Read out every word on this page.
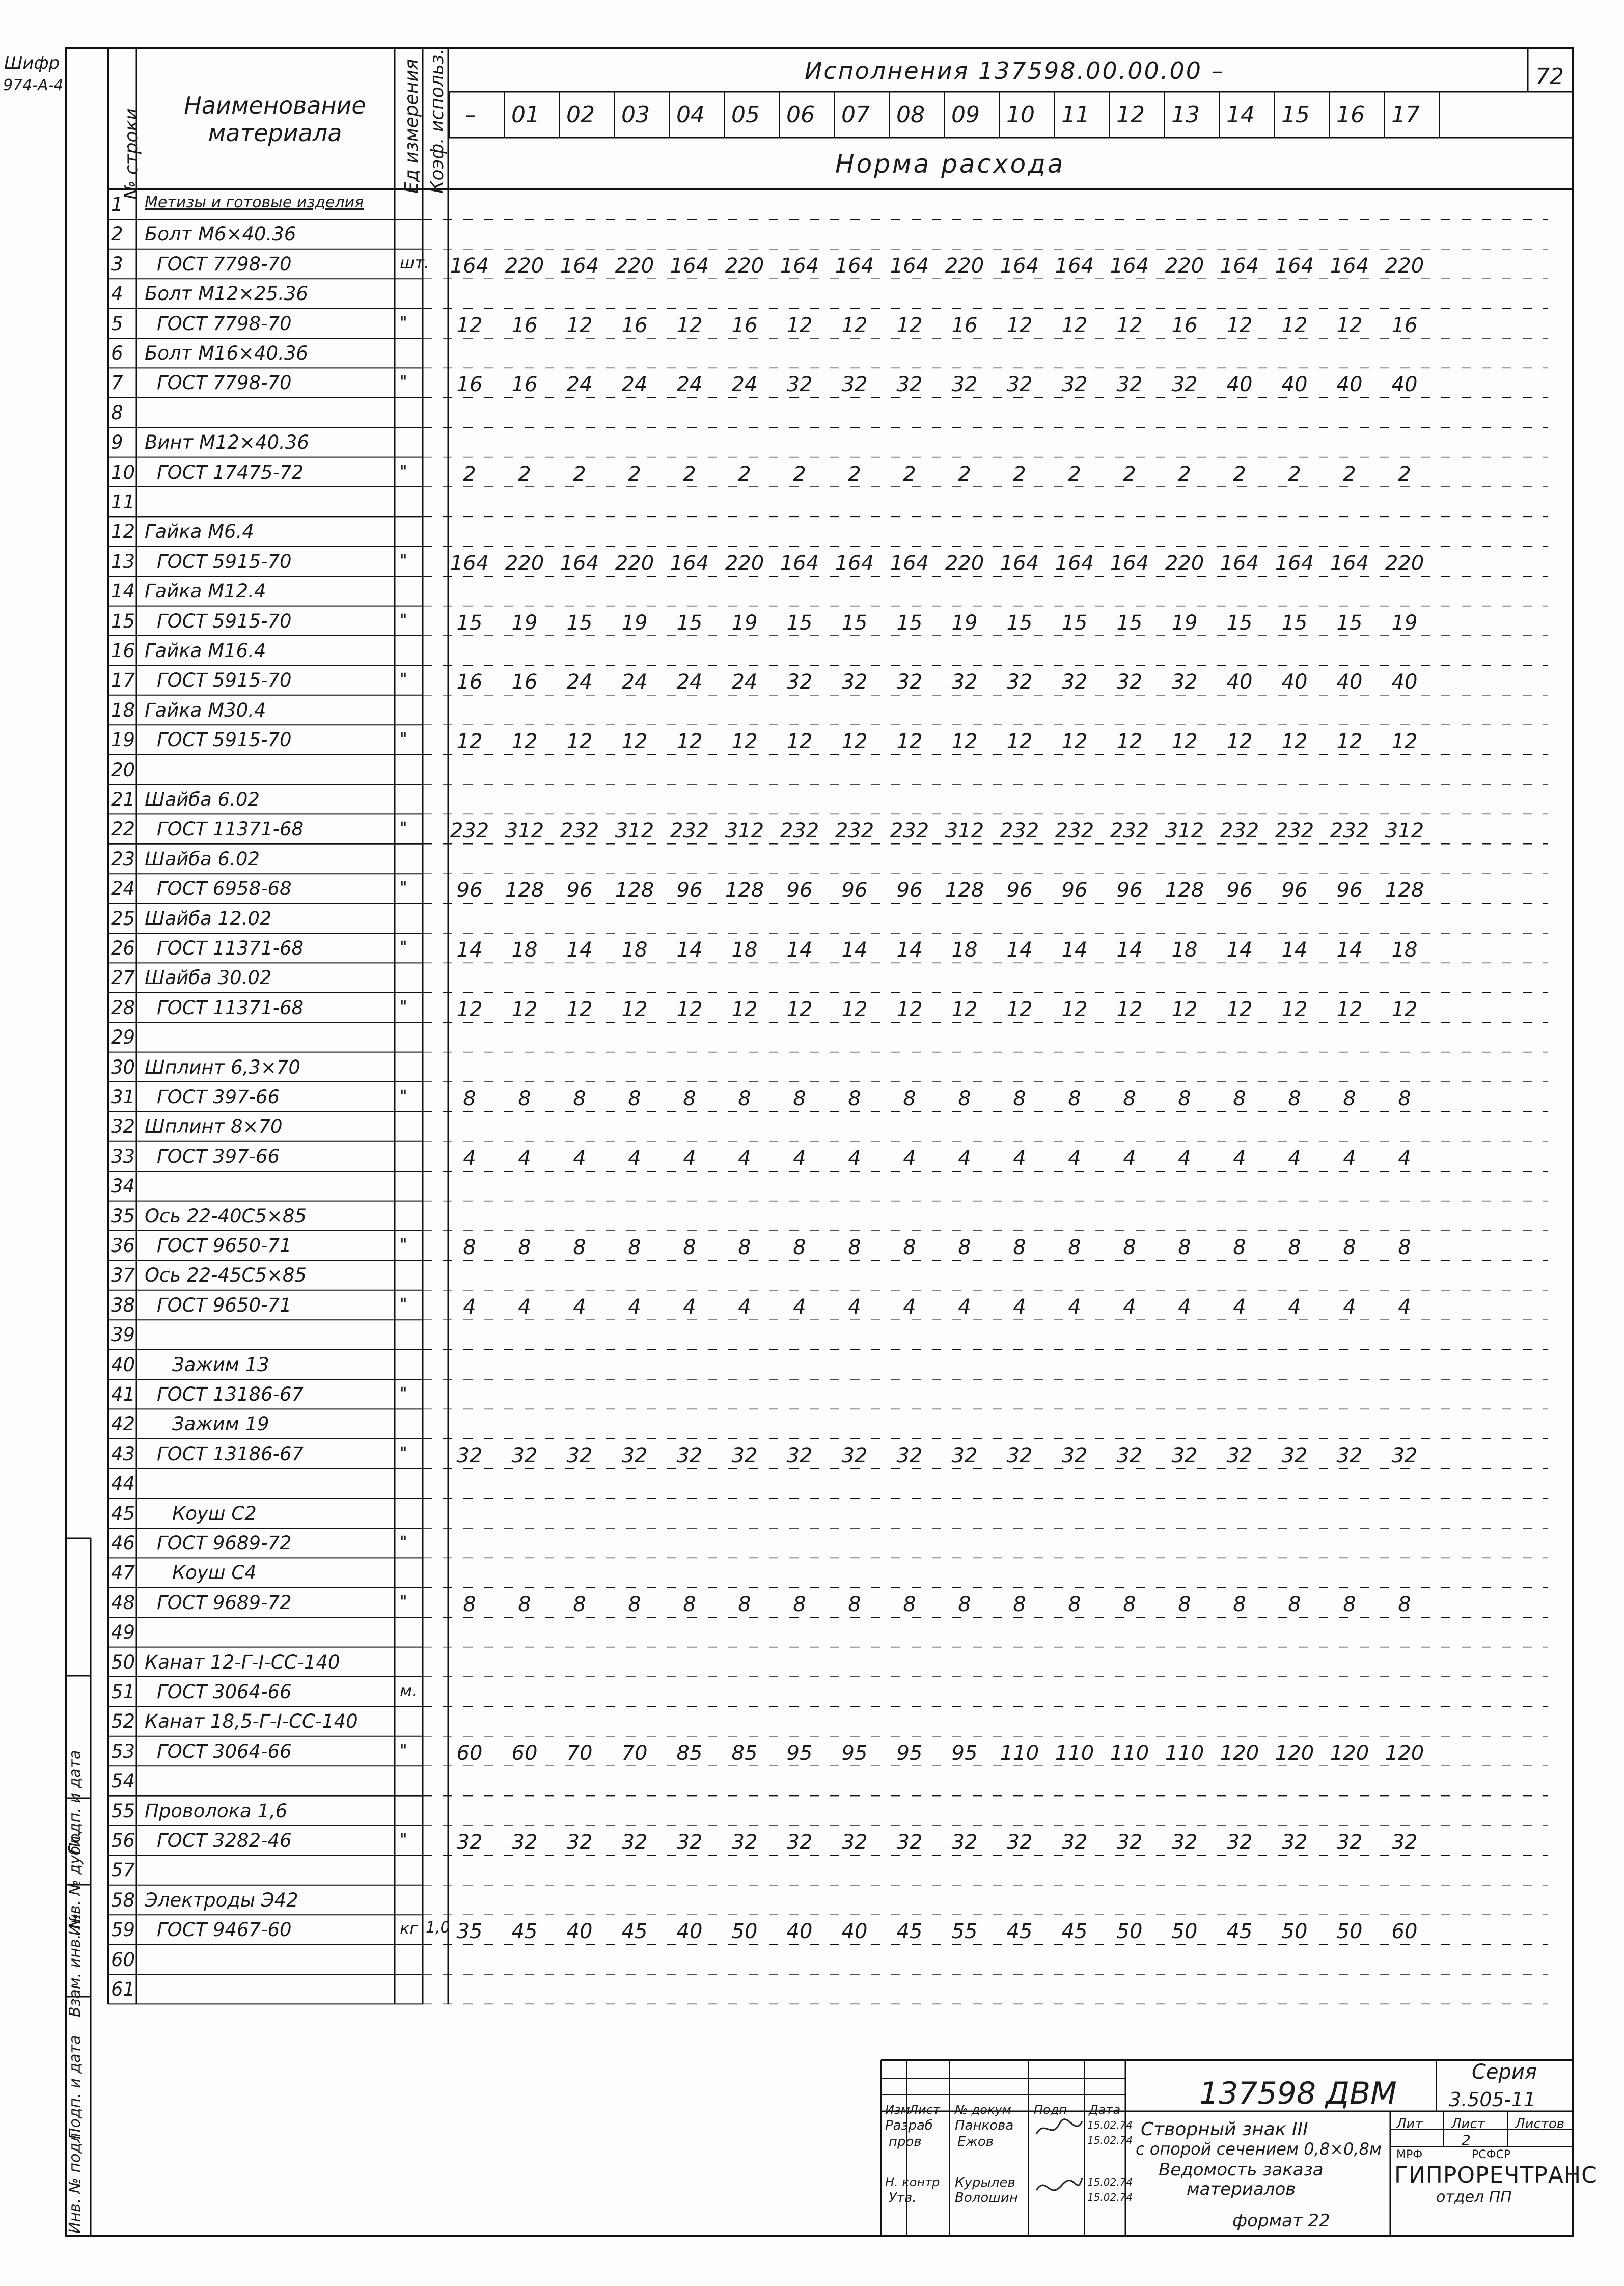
Шифр
974-А-4	72
Наименование
материала
№ строки	Ед измерения Коэф. использ.	Исполнения 137598.00.00.00 –
Норма расхода
–	01	02	03	04	05	06	07	08	09	10	11	12	13	14	15	16	17
1 Метизы и готовые изделия
2 Болт М6×40.36
3 ГОСТ 7798-70	шт. 164 220 164 220 164 220 164 164 164 220 164 164 164 220 164 164 164 220
4 Болт М12×25.36
5 ГОСТ 7798-70	"	12	16	12	16	12	16	12	12	12	16	12	12	12	16	12	12	12	16
6 Болт М16×40.36
7 ГОСТ 7798-70	"	16	16	24	24	24	24	32	32	32	32	32	32	32	32	40	40	40	40
8
9 Винт М12×40.36
10 ГОСТ 17475-72	"	2	2	2	2	2	2	2	2	2	2	2	2	2	2	2	2	2	2
11
12 Гайка М6.4
13 ГОСТ 5915-70	" 164 220 164 220 164 220 164 164 164 220 164 164 164 220 164 164 164 220
14 Гайка М12.4
15 ГОСТ 5915-70	"	15	19	15	19	15	19	15	15	15	19	15	15	15	19	15	15	15	19
16 Гайка М16.4
17 ГОСТ 5915-70	"	16	16	24	24	24	24	32	32	32	32	32	32	32	32	40	40	40	40
18 Гайка М30.4
19 ГОСТ 5915-70	"	12	12	12	12	12	12	12	12	12	12	12	12	12	12	12	12	12	12
20
21 Шайба 6.02
22 ГОСТ 11371-68	" 232 312 232 312 232 312 232 232 232 312 232 232 232 312 232 232 232 312
23 Шайба 6.02
24 ГОСТ 6958-68	"	96	128	96	128	96	128	96	96	96	128	96	96	96	128	96	96	96	128
25 Шайба 12.02
26 ГОСТ 11371-68	"	14	18	14	18	14	18	14	14	14	18	14	14	14	18	14	14	14	18
27 Шайба 30.02
28 ГОСТ 11371-68	"	12	12	12	12	12	12	12	12	12	12	12	12	12	12	12	12	12	12
29
30 Шплинт 6,3×70
31 ГОСТ 397-66	"	8	8	8	8	8	8	8	8	8	8	8	8	8	8	8	8	8	8
32 Шплинт 8×70
33 ГОСТ 397-66	4	4	4	4	4	4	4	4	4	4	4	4	4	4	4	4	4	4
34
35 Ось 22-40С5×85
36 ГОСТ 9650-71	"	8	8	8	8	8	8	8	8	8	8	8	8	8	8	8	8	8	8
37 Ось 22-45С5×85
38 ГОСТ 9650-71	"	4	4	4	4	4	4	4	4	4	4	4	4	4	4	4	4	4	4
39
40 Зажим 13
41 ГОСТ 13186-67	"
42 Зажим 19
43 ГОСТ 13186-67	"	32	32	32	32	32	32	32	32	32	32	32	32	32	32	32	32	32	32
44
45 Коуш С2
46 ГОСТ 9689-72	"
47 Коуш С4
48 ГОСТ 9689-72	"	8	8	8	8	8	8	8	8	8	8	8	8	8	8	8	8	8	8
49
50 Канат 12-Г-I-СС-140
51 ГОСТ 3064-66	м.
52 Канат 18,5-Г-I-СС-140
53 ГОСТ 3064-66	"	60	60	70	70	85	85	95	95	95	95	110 110 110 110 120 120 120 120
54
55 Проволока 1,6
56 ГОСТ 3282-46	"	32	32	32	32	32	32	32	32	32	32	32	32	32	32	32	32	32	32
57
58 Электроды Э42
59 ГОСТ 9467-60	кг 1,0 35	45	40	45	40	50	40	40	45	55	45	45	50	50	45	50	50	60
60
61
Инв. № подл.
Подп. и дата
Взам. инв. №
Инв. № дубл.
Подп. и дата
137598 ДВМ
Серия
3.505-11
Изм
Лист № докум Подп Дата
Разраб
пров
Панкова
Ежов
Н. контр
Утв.
Курылев
Волошин
15.02.74
15.02.74
15.02.74
15.02.74
Створный знак III
с опорой сечением 0,8×0,8м
Ведомость заказа
материалов
Лит Лист Листов
2
МРФ	РСФСР
ГИПРОРЕЧТРАНС
отдел ПП
формат 22
